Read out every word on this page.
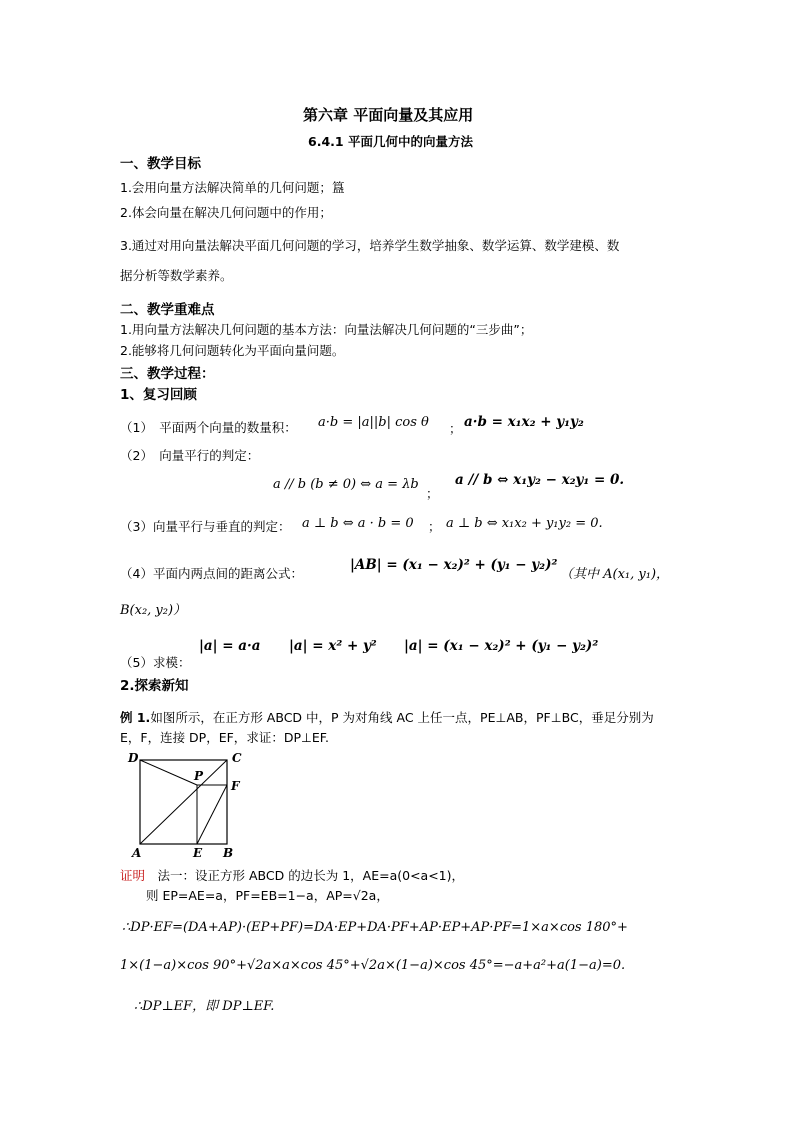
第六章 平面向量及其应用
6.4.1 平面几何中的向量方法
一、教学目标
1.会用向量方法解决简单的几何问题；簋
2.体会向量在解决几何问题中的作用；
3.通过对用向量法解决平面几何问题的学习，培养学生数学抽象、数学运算、数学建模、数
据分析等数学素养。
二、教学重难点
1.用向量方法解决几何问题的基本方法：向量法解决几何问题的“三步曲”；
2.能够将几何问题转化为平面向量问题。
三、教学过程：
1、复习回顾
（1）　平面两个向量的数量积： a·b = |a||b| cos θ ； a·b = x₁x₂ + y₁y₂
（2）　向量平行的判定：
a // b (b ≠ 0) ⇔ a = λb
；
a // b ⇔ x₁y₂ − x₂y₁ = 0.
（3）向量平行与垂直的判定： a ⊥ b ⇔ a · b = 0 ； a ⊥ b ⇔ x₁x₂ + y₁y₂ = 0.
（4）平面内两点间的距离公式：
|AB| = (x₁ − x₂)² + (y₁ − y₂)²
（其中 A(x₁, y₁)，
B(x₂, y₂)）
（5）求模：
|a| = a·a |a| = x² + y² |a| = (x₁ − x₂)² + (y₁ − y₂)²
2.探索新知
例 1.如图所示，在正方形 ABCD 中，P 为对角线 AC 上任一点，PE⊥AB，PF⊥BC，垂足分别为
E，F，连接 DP，EF，求证：DP⊥EF.
D	C
P
F
A	E B
证明　 法一：设正方形 ABCD 的边长为 1，AE=a(0<a<1)，
则 EP=AE=a，PF=EB=1−a，AP=√2a，
∴DP·EF=(DA+AP)·(EP+PF)=DA·EP+DA·PF+AP·EP+AP·PF=1×a×cos 180°+
1×(1−a)×cos 90°+√2a×a×cos 45°+√2a×(1−a)×cos 45°=−a+a²+a(1−a)=0.
∴DP⊥EF，即 DP⊥EF.
